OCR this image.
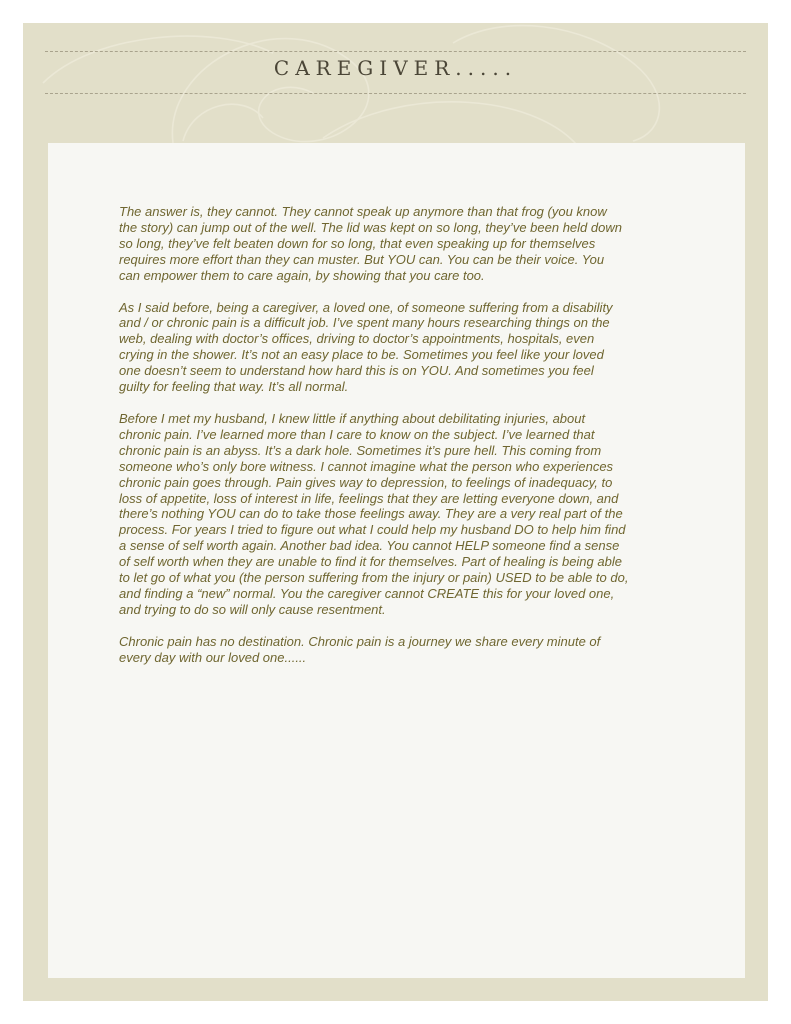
CAREGIVER.....

The answer is, they cannot. They cannot speak up anymore than that frog (you know
the story) can jump out of the well. The lid was kept on so long, they’ve been held down
so long, they’ve felt beaten down for so long, that even speaking up for themselves
requires more effort than they can muster. But YOU can. You can be their voice. You
can empower them to care again, by showing that you care too.

As I said before, being a caregiver, a loved one, of someone suffering from a disability
and / or chronic pain is a difficult job. I’ve spent many hours researching things on the
web, dealing with doctor’s offices, driving to doctor’s appointments, hospitals, even
crying in the shower. It’s not an easy place to be. Sometimes you feel like your loved
one doesn’t seem to understand how hard this is on YOU. And sometimes you feel
guilty for feeling that way. It’s all normal.

Before I met my husband, I knew little if anything about debilitating injuries, about
chronic pain. I’ve learned more than I care to know on the subject. I’ve learned that
chronic pain is an abyss. It’s a dark hole. Sometimes it’s pure hell. This coming from
someone who’s only bore witness. I cannot imagine what the person who experiences
chronic pain goes through. Pain gives way to depression, to feelings of inadequacy, to
loss of appetite, loss of interest in life, feelings that they are letting everyone down, and
there’s nothing YOU can do to take those feelings away. They are a very real part of the
process. For years I tried to figure out what I could help my husband DO to help him find
a sense of self worth again. Another bad idea. You cannot HELP someone find a sense
of self worth when they are unable to find it for themselves. Part of healing is being able
to let go of what you (the person suffering from the injury or pain) USED to be able to do,
and finding a “new” normal. You the caregiver cannot CREATE this for your loved one,
and trying to do so will only cause resentment.

Chronic pain has no destination. Chronic pain is a journey we share every minute of
every day with our loved one......
